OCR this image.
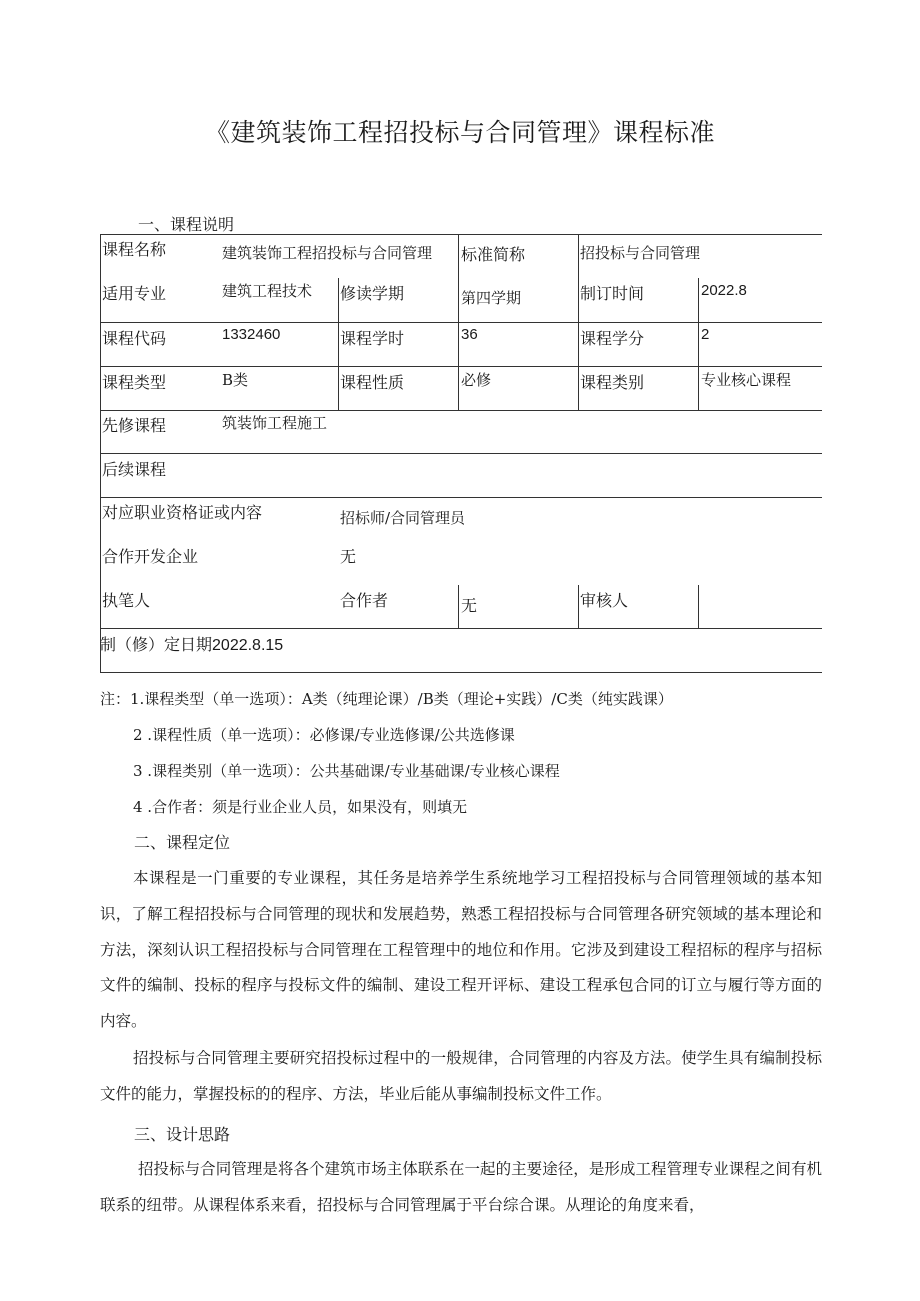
《建筑装饰工程招投标与合同管理》课程标准
一、课程说明
课程名称	建筑装饰工程招投标与合同管理 标准简称	招投标与合同管理
适用专业	建筑工程技术 修读学期	第四学期	制订时间	2022.8
课程代码	1332460	课程学时	36	课程学分	2
课程类型	B类	课程性质	必修	课程类别	专业核心课程
先修课程	筑装饰工程施工
后续课程
对应职业资格证或内容	招标师/合同管理员
合作开发企业	无
执笔人	合作者	无	审核人
制（修）定日期2022.8.15
注：1.课程类型（单一选项）：A类（纯理论课）/B类（理论+实践）/C类（纯实践课）
2 .课程性质（单一选项）：必修课/专业选修课/公共选修课
3 .课程类别（单一选项）：公共基础课/专业基础课/专业核心课程
4 .合作者：须是行业企业人员，如果没有，则填无
二、课程定位
本课程是一门重要的专业课程，其任务是培养学生系统地学习工程招投标与合同管理领域的基本知识，了解工程招投标与合同管理的现状和发展趋势，熟悉工程招投标与合同管理各研究领域的基本理论和方法，深刻认识工程招投标与合同管理在工程管理中的地位和作用。它涉及到建设工程招标的程序与招标文件的编制、投标的程序与投标文件的编制、建设工程开评标、建设工程承包合同的订立与履行等方面的内容。
招投标与合同管理主要研究招投标过程中的一般规律，合同管理的内容及方法。使学生具有编制投标文件的能力，掌握投标的的程序、方法，毕业后能从事编制投标文件工作。
三、设计思路
招投标与合同管理是将各个建筑市场主体联系在一起的主要途径，是形成工程管理专业课程之间有机联系的纽带。从课程体系来看，招投标与合同管理属于平台综合课。从理论的角度来看，
